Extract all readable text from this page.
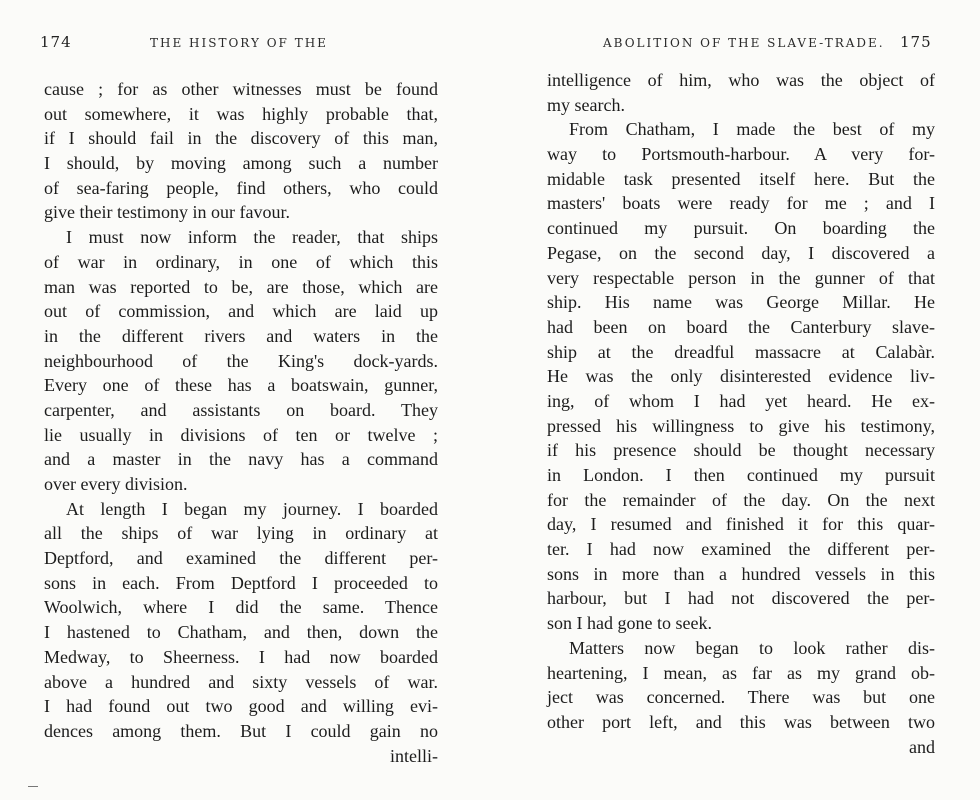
174	THE HISTORY OF THE
cause ; for as other witnesses must be found
out somewhere, it was highly probable that,
if I should fail in the discovery of this man,
I should, by moving among such a number
of sea-faring people, find others, who could
give their testimony in our favour.
I must now inform the reader, that ships
of war in ordinary, in one of which this
man was reported to be, are those, which are
out of commission, and which are laid up
in the different rivers and waters in the
neighbourhood of the King's dock-yards.
Every one of these has a boatswain, gunner,
carpenter, and assistants on board. They
lie usually in divisions of ten or twelve ;
and a master in the navy has a command
over every division.
At length I began my journey. I boarded
all the ships of war lying in ordinary at
Deptford, and examined the different per-
sons in each. From Deptford I proceeded to
Woolwich, where I did the same. Thence
I hastened to Chatham, and then, down the
Medway, to Sheerness. I had now boarded
above a hundred and sixty vessels of war.
I had found out two good and willing evi-
dences among them. But I could gain no
intelli-
ABOLITION OF THE SLAVE-TRADE. 175
intelligence of him, who was the object of
my search.
From Chatham, I made the best of my
way to Portsmouth-harbour. A very for-
midable task presented itself here. But the
masters' boats were ready for me ; and I
continued my pursuit. On boarding the
Pegase, on the second day, I discovered a
very respectable person in the gunner of that
ship. His name was George Millar. He
had been on board the Canterbury slave-
ship at the dreadful massacre at Calabàr.
He was the only disinterested evidence liv-
ing, of whom I had yet heard. He ex-
pressed his willingness to give his testimony,
if his presence should be thought necessary
in London. I then continued my pursuit
for the remainder of the day. On the next
day, I resumed and finished it for this quar-
ter. I had now examined the different per-
sons in more than a hundred vessels in this
harbour, but I had not discovered the per-
son I had gone to seek.
Matters now began to look rather dis-
heartening, I mean, as far as my grand ob-
ject was concerned. There was but one
other port left, and this was between two
and
